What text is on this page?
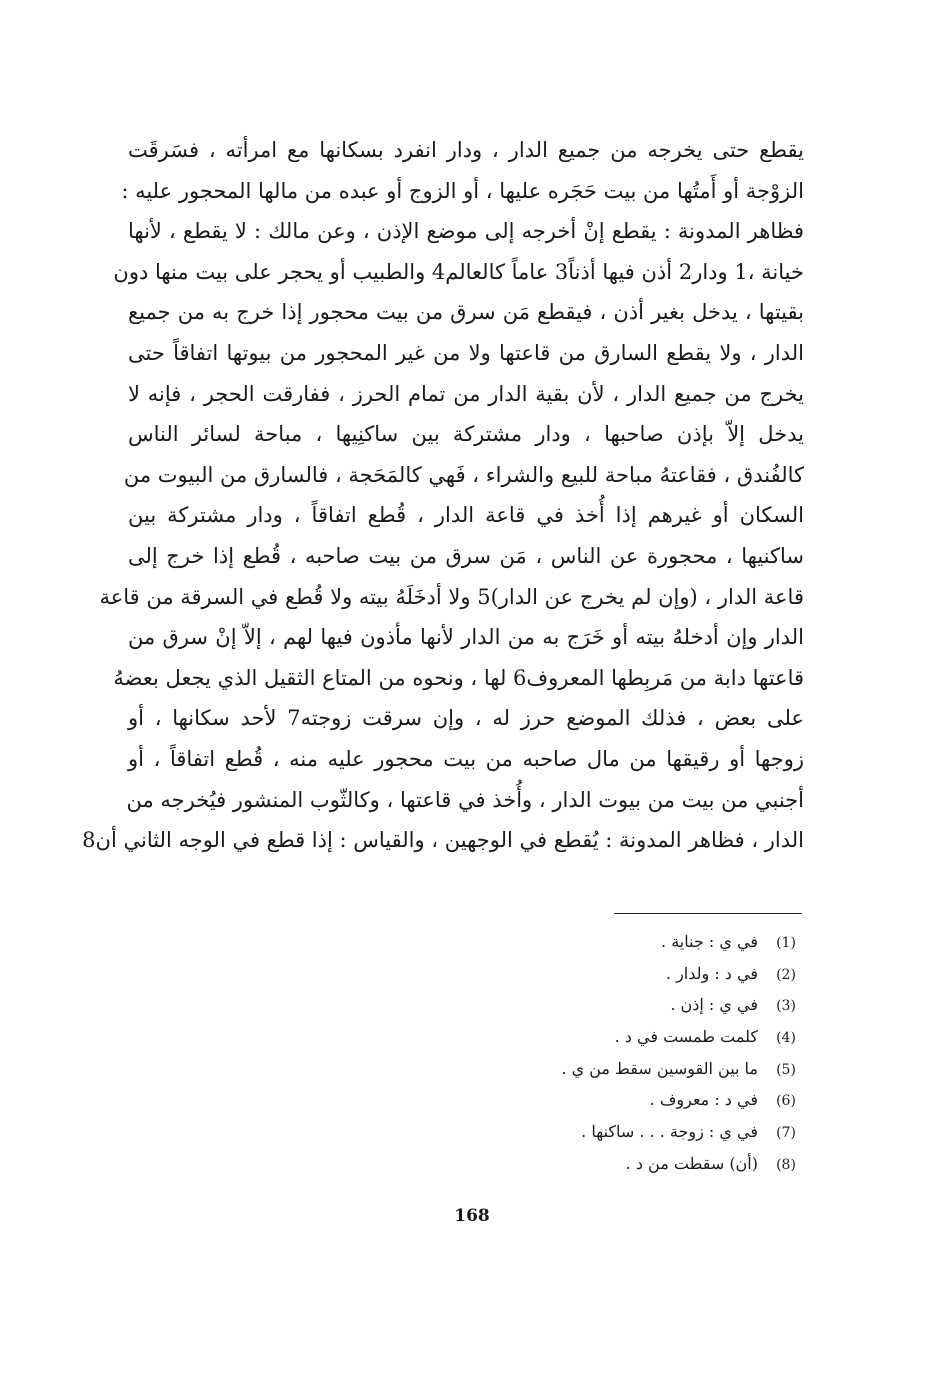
يقطع حتى يخرجه من جميع الدار ، ودار انفرد بسكانها مع امرأته ، فسَرقَت
الزوْجة أو أَمتُها من بيت حَجَره عليها ، أو الزوج أو عبده من مالها المحجور عليه :
فظاهر المدونة : يقطع إنْ أخرجه إلى موضع الإذن ، وعن مالك : لا يقطع ، لأنها
خيانة ،1 ودار2 أذن فيها أذناً3 عاماً كالعالم4 والطبيب أو يحجر على بيت منها دون
بقيتها ، يدخل بغير أذن ، فيقطع مَن سرق من بيت محجور إذا خرج به من جميع
الدار ، ولا يقطع السارق من قاعتها ولا من غير المحجور من بيوتها اتفاقاً حتى
يخرج من جميع الدار ، لأن بقية الدار من تمام الحرز ، ففارقت الحجر ، فإنه لا
يدخل إلاّ بإذن صاحبها ، ودار مشتركة بين ساكنِيها ، مباحة لسائر الناس
كالفُندق ، فقاعتهُ مباحة للبيع والشراء ، فَهي كالمَحَجة ، فالسارق من البيوت من
السكان أو غيرهم إذا أُخذ في قاعة الدار ، قُطع اتفاقاً ، ودار مشتركة بين
ساكنيها ، محجورة عن الناس ، مَن سرق من بيت صاحبه ، قُطع إذا خرج إلى
قاعة الدار ، (وإن لم يخرج عن الدار)5 ولا أدخَلَهُ بيته ولا قُطع في السرقة من قاعة
الدار وإن أدخلهُ بيته أو خَرَج به من الدار لأنها مأذون فيها لهم ، إلاّ إنْ سرق من
قاعتها دابة من مَربِطها المعروف6 لها ، ونحوه من المتاع الثقيل الذي يجعل بعضهُ
على بعض ، فذلك الموضع حرز له ، وإن سرقت زوجته7 لأحد سكانها ، أو
زوجها أو رقيقها من مال صاحبه من بيت محجور عليه منه ، قُطع اتفاقاً ، أو
أجنبي من بيت من بيوت الدار ، وأُخذ في قاعتها ، وكالثّوب المنشور فيُخرجه من
الدار ، فظاهر المدونة : يُقطع في الوجهين ، والقياس : إذا قطع في الوجه الثاني أن8
(1)
في ي : جناية .
(2)
في د : ولدار .
(3)
في ي : إذن .
(4)
كلمت طمست في د .
(5)
ما بين القوسين سقط من ي .
(6)
في د : معروف .
(7)
في ي : زوجة . . . ساكنها .
(8)
(أن) سقطت من د .
168
